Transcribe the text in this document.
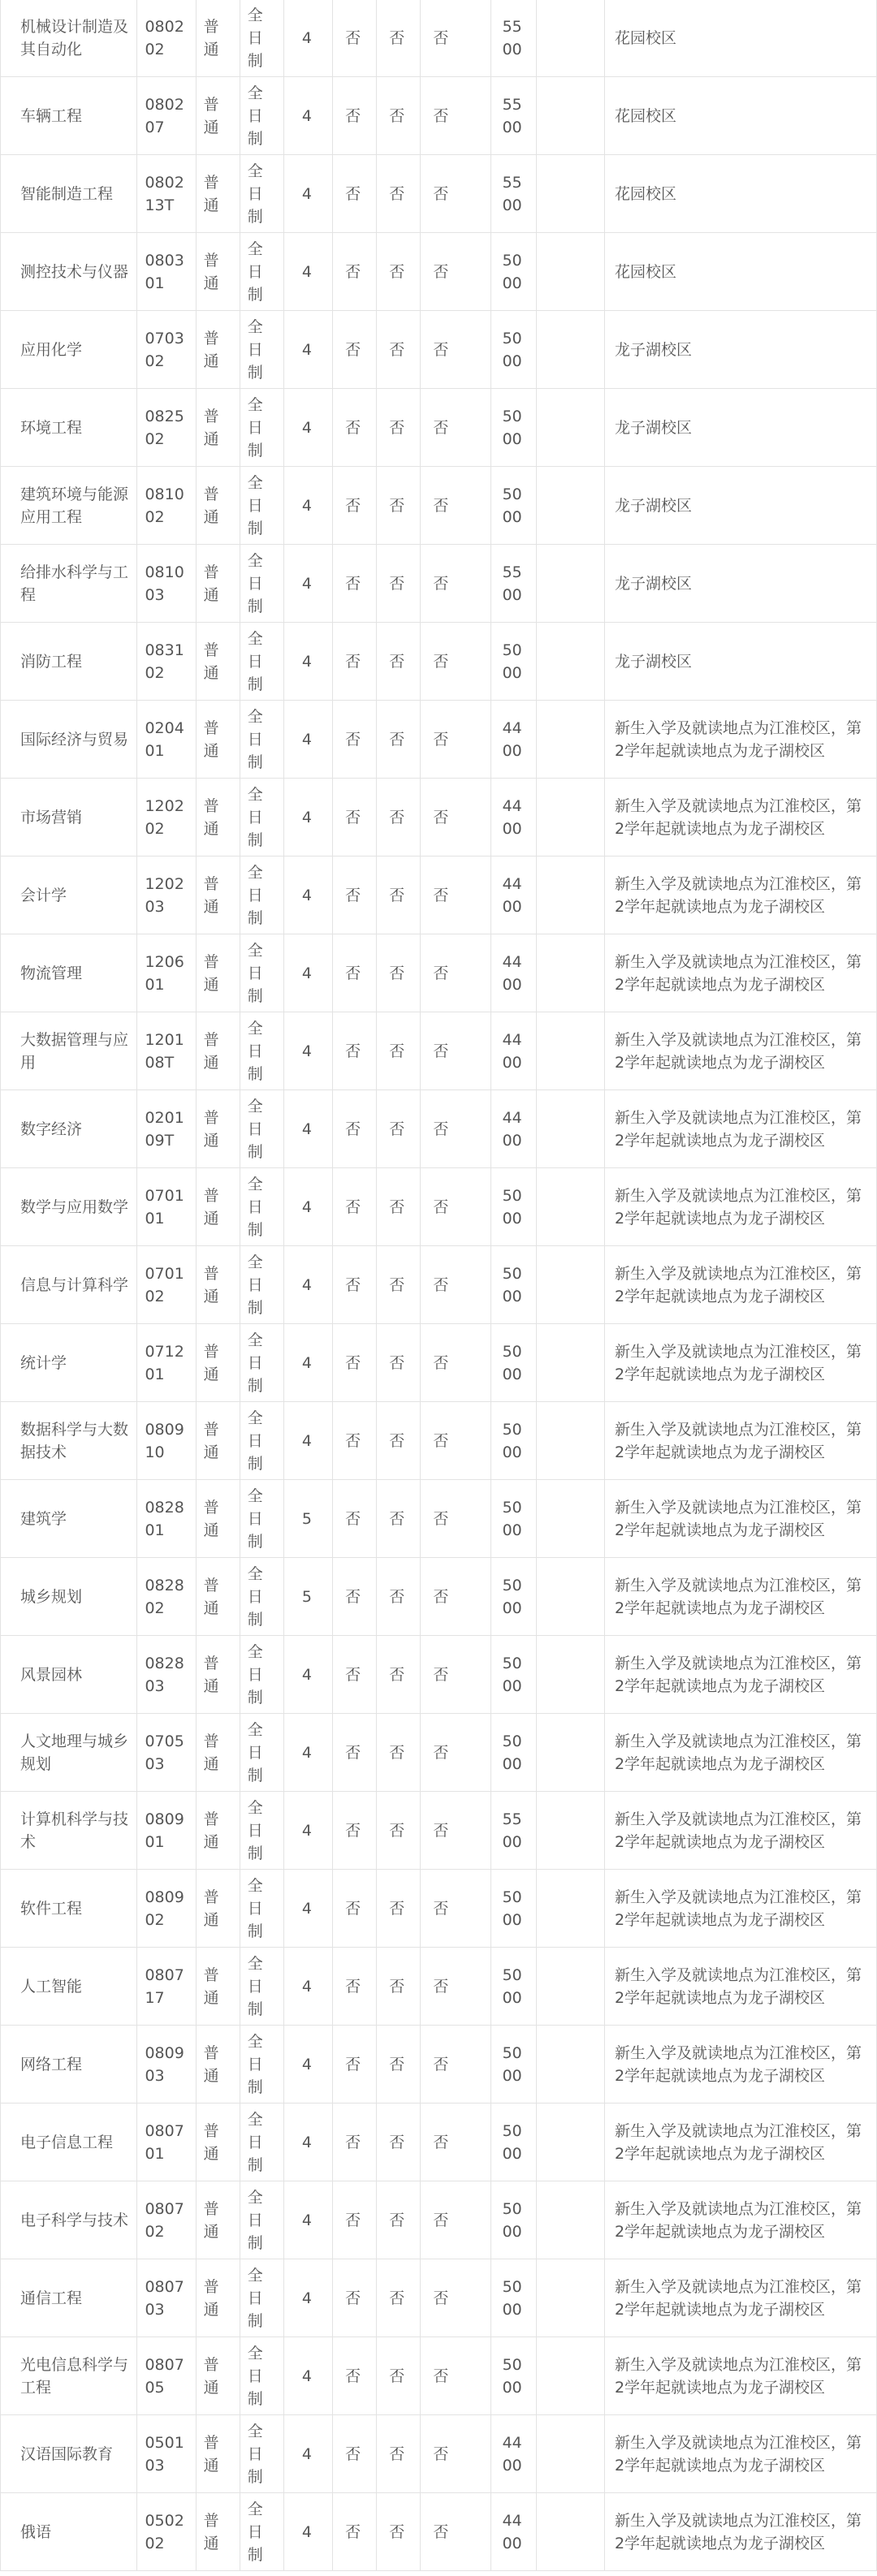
机械设计制造及其自动化	080202	普通	全日制	4	否	否	否	5500		花园校区
车辆工程	080207	普通	全日制	4	否	否	否	5500		花园校区
智能制造工程	080213T	普通	全日制	4	否	否	否	5500		花园校区
测控技术与仪器	080301	普通	全日制	4	否	否	否	5000		花园校区
应用化学	070302	普通	全日制	4	否	否	否	5000		龙子湖校区
环境工程	082502	普通	全日制	4	否	否	否	5000		龙子湖校区
建筑环境与能源应用工程	081002	普通	全日制	4	否	否	否	5000		龙子湖校区
给排水科学与工程	081003	普通	全日制	4	否	否	否	5500		龙子湖校区
消防工程	083102	普通	全日制	4	否	否	否	5000		龙子湖校区
国际经济与贸易	020401	普通	全日制	4	否	否	否	4400		新生入学及就读地点为江淮校区，第2学年起就读地点为龙子湖校区
市场营销	120202	普通	全日制	4	否	否	否	4400		新生入学及就读地点为江淮校区，第2学年起就读地点为龙子湖校区
会计学	120203	普通	全日制	4	否	否	否	4400		新生入学及就读地点为江淮校区，第2学年起就读地点为龙子湖校区
物流管理	120601	普通	全日制	4	否	否	否	4400		新生入学及就读地点为江淮校区，第2学年起就读地点为龙子湖校区
大数据管理与应用	120108T	普通	全日制	4	否	否	否	4400		新生入学及就读地点为江淮校区，第2学年起就读地点为龙子湖校区
数字经济	020109T	普通	全日制	4	否	否	否	4400		新生入学及就读地点为江淮校区，第2学年起就读地点为龙子湖校区
数学与应用数学	070101	普通	全日制	4	否	否	否	5000		新生入学及就读地点为江淮校区，第2学年起就读地点为龙子湖校区
信息与计算科学	070102	普通	全日制	4	否	否	否	5000		新生入学及就读地点为江淮校区，第2学年起就读地点为龙子湖校区
统计学	071201	普通	全日制	4	否	否	否	5000		新生入学及就读地点为江淮校区，第2学年起就读地点为龙子湖校区
数据科学与大数据技术	080910	普通	全日制	4	否	否	否	5000		新生入学及就读地点为江淮校区，第2学年起就读地点为龙子湖校区
建筑学	082801	普通	全日制	5	否	否	否	5000		新生入学及就读地点为江淮校区，第2学年起就读地点为龙子湖校区
城乡规划	082802	普通	全日制	5	否	否	否	5000		新生入学及就读地点为江淮校区，第2学年起就读地点为龙子湖校区
风景园林	082803	普通	全日制	4	否	否	否	5000		新生入学及就读地点为江淮校区，第2学年起就读地点为龙子湖校区
人文地理与城乡规划	070503	普通	全日制	4	否	否	否	5000		新生入学及就读地点为江淮校区，第2学年起就读地点为龙子湖校区
计算机科学与技术	080901	普通	全日制	4	否	否	否	5500		新生入学及就读地点为江淮校区，第2学年起就读地点为龙子湖校区
软件工程	080902	普通	全日制	4	否	否	否	5000		新生入学及就读地点为江淮校区，第2学年起就读地点为龙子湖校区
人工智能	080717	普通	全日制	4	否	否	否	5000		新生入学及就读地点为江淮校区，第2学年起就读地点为龙子湖校区
网络工程	080903	普通	全日制	4	否	否	否	5000		新生入学及就读地点为江淮校区，第2学年起就读地点为龙子湖校区
电子信息工程	080701	普通	全日制	4	否	否	否	5000		新生入学及就读地点为江淮校区，第2学年起就读地点为龙子湖校区
电子科学与技术	080702	普通	全日制	4	否	否	否	5000		新生入学及就读地点为江淮校区，第2学年起就读地点为龙子湖校区
通信工程	080703	普通	全日制	4	否	否	否	5000		新生入学及就读地点为江淮校区，第2学年起就读地点为龙子湖校区
光电信息科学与工程	080705	普通	全日制	4	否	否	否	5000		新生入学及就读地点为江淮校区，第2学年起就读地点为龙子湖校区
汉语国际教育	050103	普通	全日制	4	否	否	否	4400		新生入学及就读地点为江淮校区，第2学年起就读地点为龙子湖校区
俄语	050202	普通	全日制	4	否	否	否	4400		新生入学及就读地点为江淮校区，第2学年起就读地点为龙子湖校区
